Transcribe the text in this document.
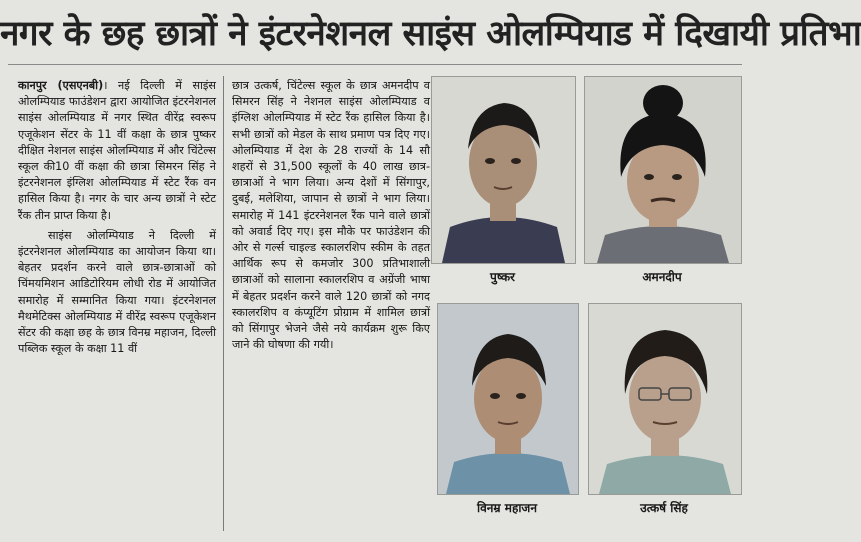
नगर के छह छात्रों ने इंटरनेशनल साइंस ओलम्पियाड में दिखायी प्रतिभा

कानपुर (एसएनबी)। नई दिल्ली में साइंस ओलम्पियाड फाउंडेशन द्वारा आयोजित इंटरनेशनल साइंस ओलम्पियाड में नगर स्थित वीरेंद्र स्वरूप एजूकेशन सेंटर के 11 वीं कक्षा के छात्र पुष्कर दीक्षित नेशनल साइंस ओलम्पियाड में और चिंटेल्स स्कूल की10 वीं कक्षा की छात्रा सिमरन सिंह ने इंटरनेशनल इंग्लिश ओलम्पियाड में स्टेट रैंक वन हासिल किया है। नगर के चार अन्य छात्रों ने स्टेट रैंक तीन प्राप्त किया है।

साइंस ओलम्पियाड ने दिल्ली में इंटरनेशनल ओलम्पियाड का आयोजन किया था। बेहतर प्रदर्शन करने वाले छात्र-छात्राओं को चिंमयमिशन आडिटोरियम लोधी रोड में आयोजित समारोह में सम्मानित किया गया। इंटरनेशनल मैथमेटिक्स ओलम्पियाड में वीरेंद्र स्वरूप एजूकेशन सेंटर की कक्षा छह के छात्र विनम्र महाजन, दिल्ली पब्लिक स्कूल के कक्षा 11 वीं

छात्र उत्कर्ष, चिंटेल्स स्कूल के छात्र अमनदीप व सिमरन सिंह ने नेशनल साइंस ओलम्पियाड व इंग्लिश ओलम्पियाड में स्टेट रैंक हासिल किया है। सभी छात्रों को मेडल के साथ प्रमाण पत्र दिए गए। ओलम्पियाड में देश के 28 राज्यों के 14 सौ शहरों से 31,500 स्कूलों के 40 लाख छात्र-छात्राओं ने भाग लिया। अन्य देशों में सिंगापुर, दुबई, मलेशिया, जापान से छात्रों ने भाग लिया। समारोह में 141 इंटरनेशनल रैंक पाने वाले छात्रों को अवार्ड दिए गए। इस मौके पर फाउंडेशन की ओर से गर्ल्स चाइल्ड स्कालरशिप स्कीम के तहत आर्थिक रूप से कमजोर 300 प्रतिभाशाली छात्राओं को सालाना स्कालरशिप व अग्रेंजी भाषा में बेहतर प्रदर्शन करने वाले 120 छात्रों को नगद स्कालरशिप व कंप्यूटिंग प्रोग्राम में शामिल छात्रों को सिंगापुर भेजने जैसे नये कार्यक्रम शुरू किए जाने की घोषणा की गयी।

पुष्कर	अमनदीप
विनम्र महाजन	उत्कर्ष सिंह
